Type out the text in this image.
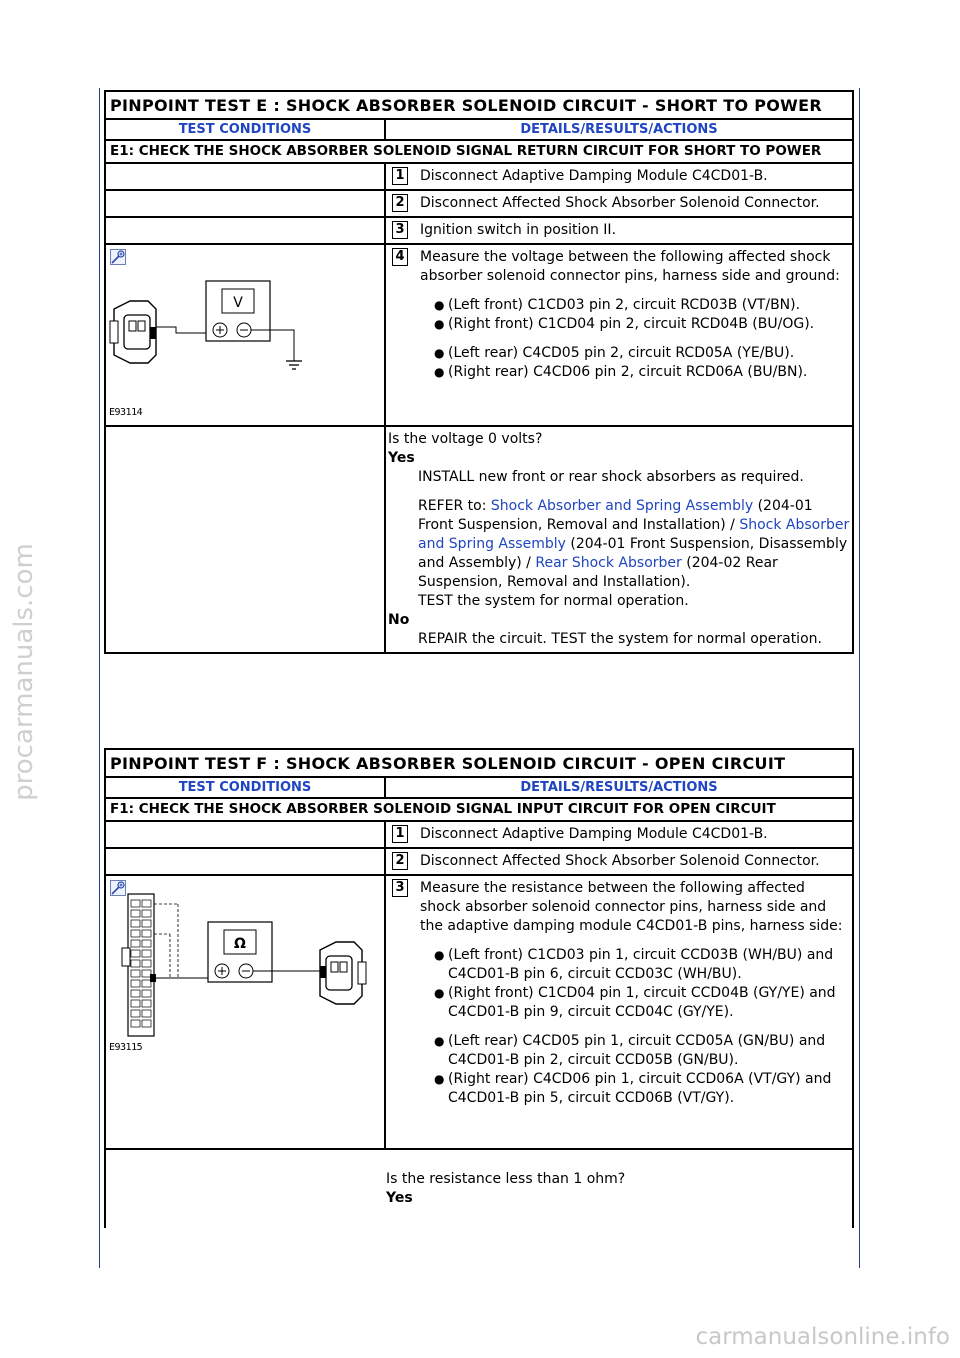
procarmanuals.com
PINPOINT TEST E : SHOCK ABSORBER SOLENOID CIRCUIT - SHORT TO POWER
TEST CONDITIONS	DETAILS/RESULTS/ACTIONS
E1: CHECK THE SHOCK ABSORBER SOLENOID SIGNAL RETURN CIRCUIT FOR SHORT TO POWER
1 Disconnect Adaptive Damping Module C4CD01-B.
2 Disconnect Affected Shock Absorber Solenoid Connector.
3 Ignition switch in position II.
V
E93114
4 Measure the voltage between the following affected shock absorber solenoid connector pins, harness side and ground:
● (Left front) C1CD03 pin 2, circuit RCD03B (VT/BN).
● (Right front) C1CD04 pin 2, circuit RCD04B (BU/OG).
● (Left rear) C4CD05 pin 2, circuit RCD05A (YE/BU).
● (Right rear) C4CD06 pin 2, circuit RCD06A (BU/BN).
Is the voltage 0 volts?
Yes
INSTALL new front or rear shock absorbers as required.
REFER to: Shock Absorber and Spring Assembly (204-01 Front Suspension, Removal and Installation) / Shock Absorber and Spring Assembly (204-01 Front Suspension, Disassembly and Assembly) / Rear Shock Absorber (204-02 Rear Suspension, Removal and Installation).
TEST the system for normal operation.
No
REPAIR the circuit. TEST the system for normal operation.
PINPOINT TEST F : SHOCK ABSORBER SOLENOID CIRCUIT - OPEN CIRCUIT
TEST CONDITIONS	DETAILS/RESULTS/ACTIONS
F1: CHECK THE SHOCK ABSORBER SOLENOID SIGNAL INPUT CIRCUIT FOR OPEN CIRCUIT
1 Disconnect Adaptive Damping Module C4CD01-B.
2 Disconnect Affected Shock Absorber Solenoid Connector.
Ω
E93115
3 Measure the resistance between the following affected shock absorber solenoid connector pins, harness side and the adaptive damping module C4CD01-B pins, harness side:
● (Left front) C1CD03 pin 1, circuit CCD03B (WH/BU) and C4CD01-B pin 6, circuit CCD03C (WH/BU).
● (Right front) C1CD04 pin 1, circuit CCD04B (GY/YE) and C4CD01-B pin 9, circuit CCD04C (GY/YE).
● (Left rear) C4CD05 pin 1, circuit CCD05A (GN/BU) and C4CD01-B pin 2, circuit CCD05B (GN/BU).
● (Right rear) C4CD06 pin 1, circuit CCD06A (VT/GY) and C4CD01-B pin 5, circuit CCD06B (VT/GY).
Is the resistance less than 1 ohm?
Yes
carmanualsonline.info
